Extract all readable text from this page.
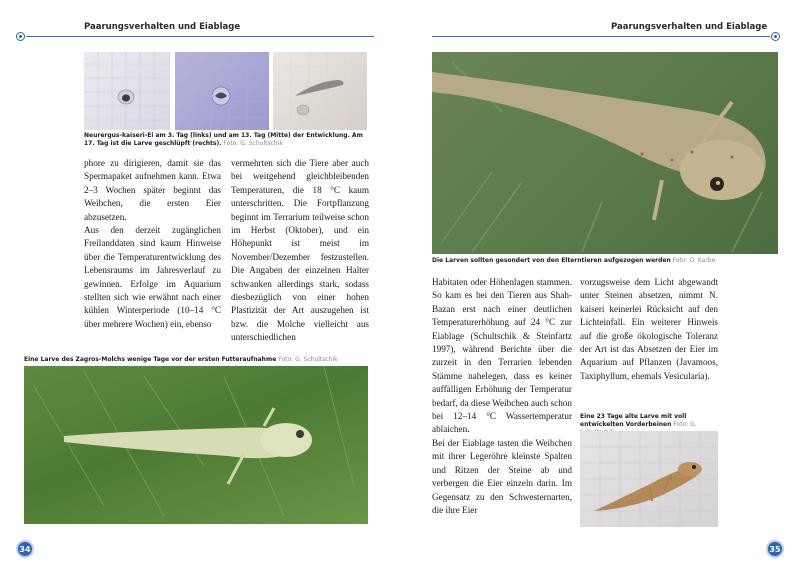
Paarungsverhalten und Eiablage
Neurergus-kaiseri-Ei am 3. Tag (links) und am 13. Tag (Mitte) der Entwicklung. Am 17. Tag ist die Larve geschlüpft (rechts). Foto: G. Schultschik

phore zu dirigieren, damit sie das Spermapaket aufnehmen kann. Etwa 2–3 Wochen später beginnt das Weibchen, die ersten Eier abzusetzen.

Aus den derzeit zugänglichen Freilanddaten sind kaum Hinweise über die Temperaturentwicklung des Lebensraums im Jahresverlauf zu gewinnen. Erfolge im Aquarium stellten sich wie erwähnt nach einer kühlen Winterperiode (10–14 °C über mehrere Wochen) ein, ebenso

vermehrten sich die Tiere aber auch bei weitgehend gleichbleibenden Temperaturen, die 18 °C kaum unterschritten. Die Fortpflanzung beginnt im Terrarium teilweise schon im Herbst (Oktober), und ein Höhepunkt ist meist im November/Dezember festzustellen. Die Angaben der einzelnen Halter schwanken allerdings stark, sodass diesbezüglich von einer hohen Plastizität der Art auszugehen ist bzw. die Molche vielleicht aus unterschiedlichen

Eine Larve des Zagros-Molchs wenige Tage vor der ersten Futteraufnahme Foto: G. Schultschik
34
Paarungsverhalten und Eiablage
Die Larven sollten gesondert von den Elterntieren aufgezogen werden Foto: O. Karbe

Habitaten oder Höhenlagen stammen. So kam es bei den Tieren aus Shah-Bazan erst nach einer deutlichen Temperaturerhöhung auf 24 °C zur Eiablage (Schultschik & Steinfartz 1997), während Berichte über die zurzeit in den Terrarien lebenden Stämme nahelegen, dass es keiner auffälligen Erhöhung der Temperatur bedarf, da diese Weibchen auch schon bei 12–14 °C Wassertemperatur ablaichen.

Bei der Eiablage tasten die Weibchen mit ihrer Legeröhre kleinste Spalten und Ritzen der Steine ab und verbergen die Eier einzeln darin. Im Gegensatz zu den Schwesternarten, die ihre Eier

vorzugsweise dem Licht abgewandt unter Steinen absetzen, nimmt N. kaiseri keinerlei Rücksicht auf den Lichteinfall. Ein weiterer Hinweis auf die große ökologische Toleranz der Art ist das Absetzen der Eier im Aquarium auf Pflanzen (Javamoos, Taxiphyllum, ehemals Vesicularia).

Eine 23 Tage alte Larve mit voll entwickelten Vorderbeinen Foto: G.
35
